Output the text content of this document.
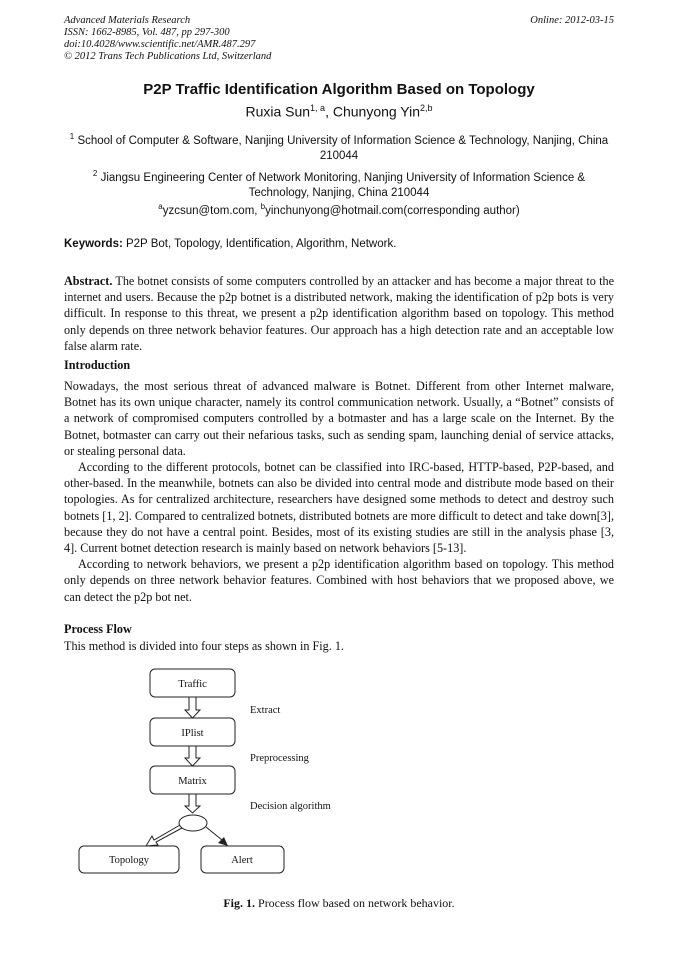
Advanced Materials Research
ISSN: 1662-8985, Vol. 487, pp 297-300
doi:10.4028/www.scientific.net/AMR.487.297
© 2012 Trans Tech Publications Ltd, Switzerland
Online: 2012-03-15
P2P Traffic Identification Algorithm Based on Topology
Ruxia Sun$^{1, a}$, Chunyong Yin$^{2,b}$
$^1$ School of Computer & Software, Nanjing University of Information Science & Technology, Nanjing, China 210044
$^2$ Jiangsu Engineering Center of Network Monitoring, Nanjing University of Information Science & Technology, Nanjing, China 210044
$^a$yzcsun@tom.com, $^b$yinchunyong@hotmail.com(corresponding author)
Keywords: P2P Bot, Topology, Identification, Algorithm, Network.

Abstract. The botnet consists of some computers controlled by an attacker and has become a major threat to the internet and users. Because the p2p botnet is a distributed network, making the identification of p2p bots is very difficult. In response to this threat, we present a p2p identification algorithm based on topology. This method only depends on three network behavior features. Our approach has a high detection rate and an acceptable low false alarm rate.

Introduction

Nowadays, the most serious threat of advanced malware is Botnet. Different from other Internet malware, Botnet has its own unique character, namely its control communication network. Usually, a “Botnet” consists of a network of compromised computers controlled by a botmaster and has a large scale on the Internet. By the Botnet, botmaster can carry out their nefarious tasks, such as sending spam, launching denial of service attacks, or stealing personal data.

According to the different protocols, botnet can be classified into IRC-based, HTTP-based, P2P-based, and other-based. In the meanwhile, botnets can also be divided into central mode and distribute mode based on their topologies. As for centralized architecture, researchers have designed some methods to detect and destroy such botnets [1, 2]. Compared to centralized botnets, distributed botnets are more difficult to detect and take down[3], because they do not have a central point. Besides, most of its existing studies are still in the analysis phase [3, 4]. Current botnet detection research is mainly based on network behaviors [5-13].

According to network behaviors, we present a p2p identification algorithm based on topology. This method only depends on three network behavior features. Combined with host behaviors that we proposed above, we can detect the p2p bot net.

Process Flow
This method is divided into four steps as shown in Fig. 1.
Traffic
IPlist
Matrix
Topology	Alert
Extract
Preprocessing
Decision algorithm
Fig. 1. Process flow based on network behavior.
